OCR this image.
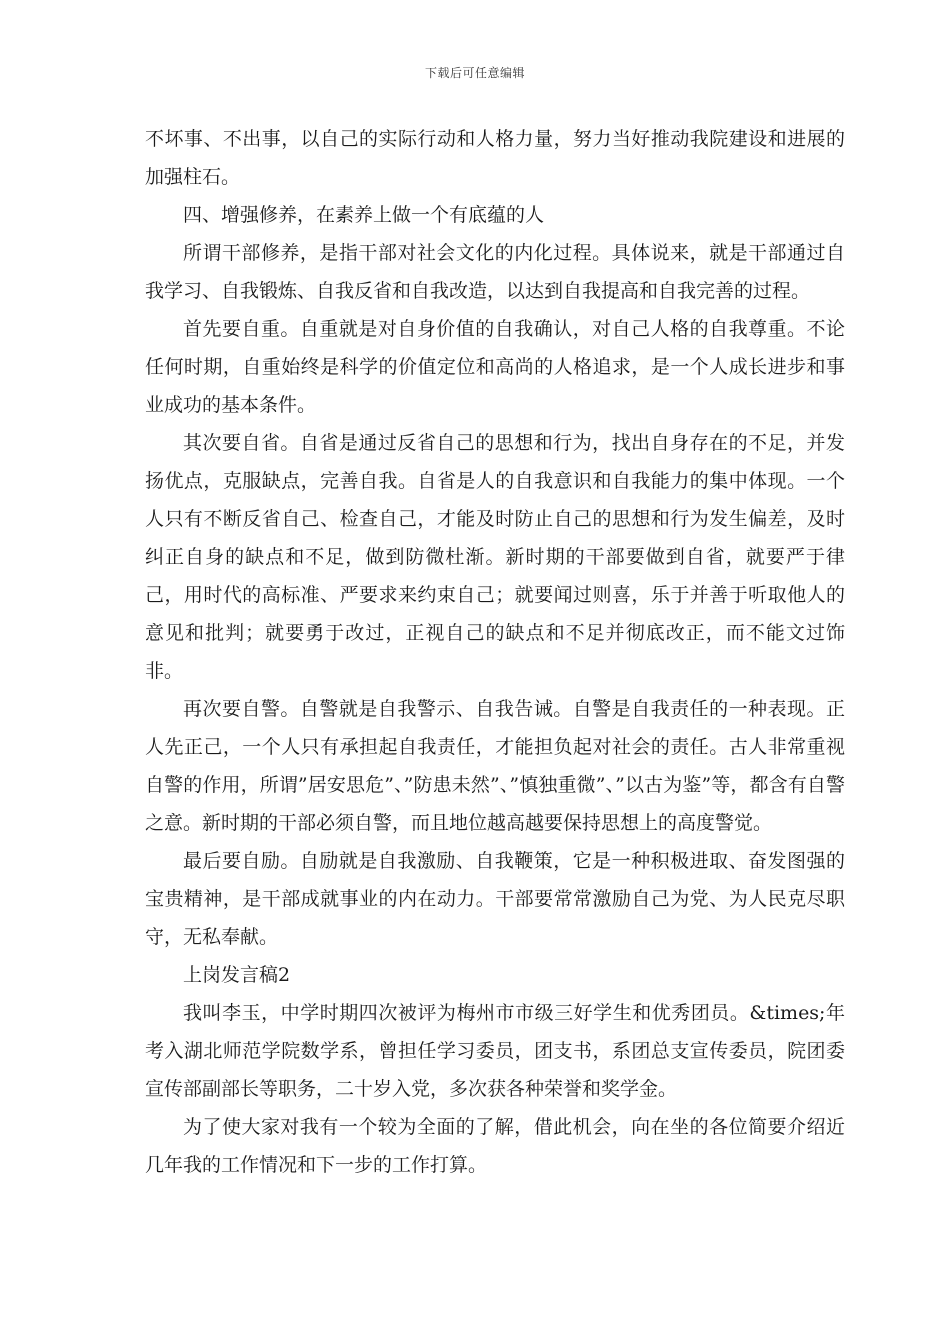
下载后可任意编辑

不坏事、不出事，以自己的实际行动和人格力量，努力当好推动我院建设和进展的加强柱石。

四、增强修养，在素养上做一个有底蕴的人

所谓干部修养，是指干部对社会文化的内化过程。具体说来，就是干部通过自我学习、自我锻炼、自我反省和自我改造，以达到自我提高和自我完善的过程。

首先要自重。自重就是对自身价值的自我确认，对自己人格的自我尊重。不论任何时期，自重始终是科学的价值定位和高尚的人格追求，是一个人成长进步和事业成功的基本条件。

其次要自省。自省是通过反省自己的思想和行为，找出自身存在的不足，并发扬优点，克服缺点，完善自我。自省是人的自我意识和自我能力的集中体现。一个人只有不断反省自己、检查自己，才能及时防止自己的思想和行为发生偏差，及时纠正自身的缺点和不足，做到防微杜渐。新时期的干部要做到自省，就要严于律己，用时代的高标准、严要求来约束自己；就要闻过则喜，乐于并善于听取他人的意见和批判；就要勇于改过，正视自己的缺点和不足并彻底改正，而不能文过饰非。

再次要自警。自警就是自我警示、自我告诫。自警是自我责任的一种表现。正人先正己，一个人只有承担起自我责任，才能担负起对社会的责任。古人非常重视自警的作用，所谓”居安思危”、”防患未然”、”慎独重微”、”以古为鉴”等，都含有自警之意。新时期的干部必须自警，而且地位越高越要保持思想上的高度警觉。

最后要自励。自励就是自我激励、自我鞭策，它是一种积极进取、奋发图强的宝贵精神，是干部成就事业的内在动力。干部要常常激励自己为党、为人民克尽职守，无私奉献。

上岗发言稿2

我叫李玉，中学时期四次被评为梅州市市级三好学生和优秀团员。&times;年考入湖北师范学院数学系，曾担任学习委员，团支书，系团总支宣传委员，院团委宣传部副部长等职务，二十岁入党，多次获各种荣誉和奖学金。

为了使大家对我有一个较为全面的了解，借此机会，向在坐的各位简要介绍近几年我的工作情况和下一步的工作打算。
